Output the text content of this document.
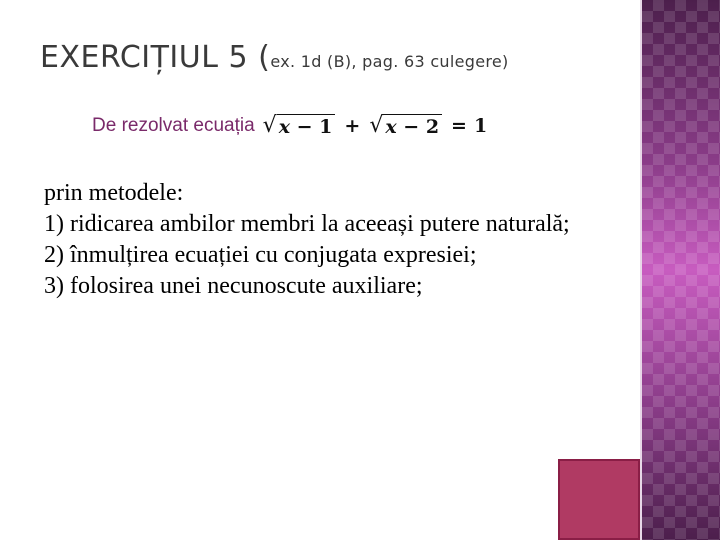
EXERCIȚIUL 5 (ex. 1d (B), pag. 63 culegere)
De rezolvat ecuația √ x − 1 + √ x − 2 = 1

prin metodele:

1) ridicarea ambilor membri la aceeași putere naturală;

2) înmulțirea ecuației cu conjugata expresiei;

3) folosirea unei necunoscute auxiliare;
